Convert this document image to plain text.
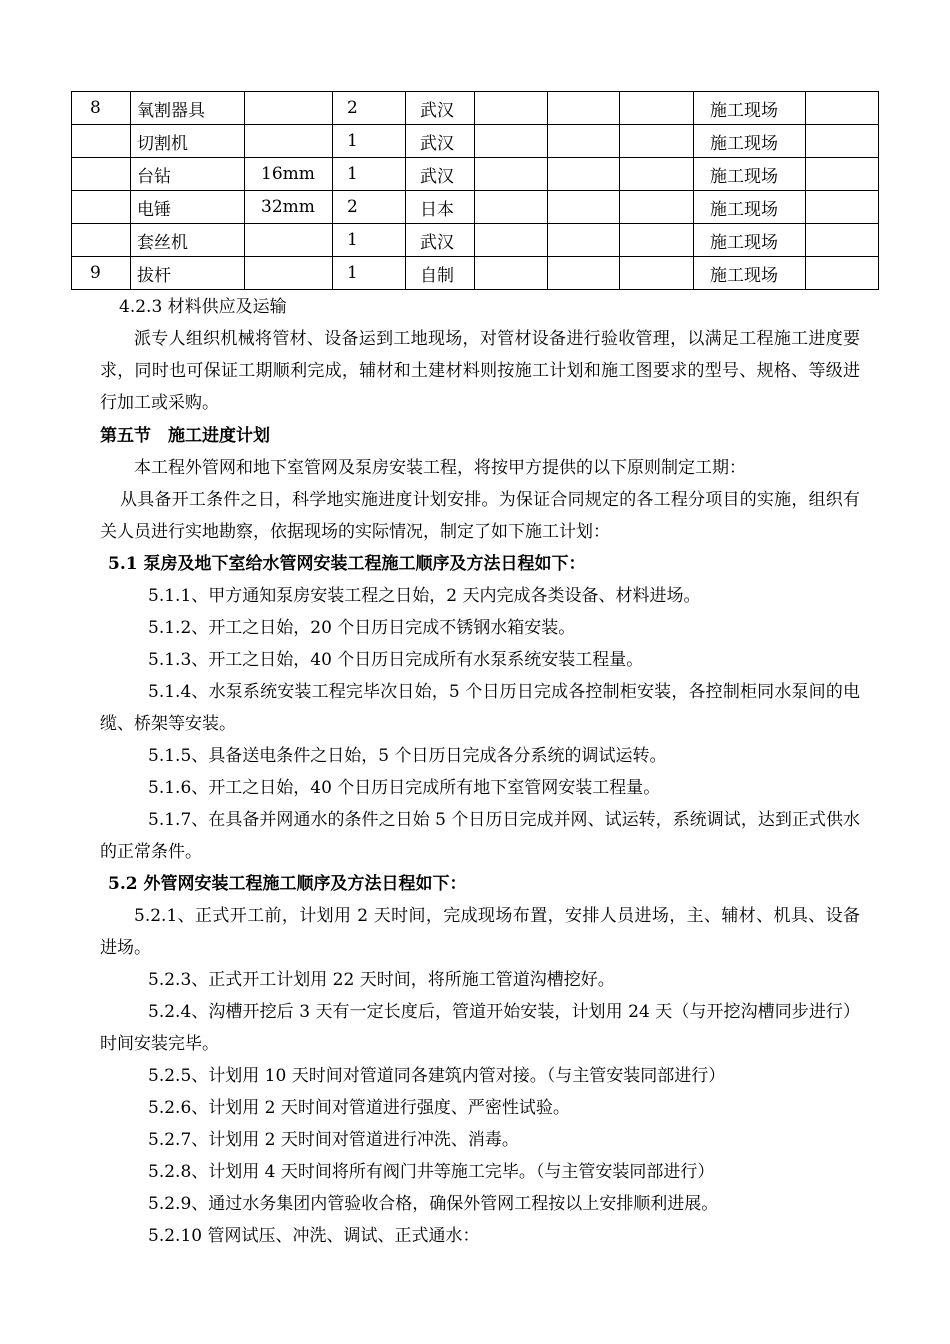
8	氧割器具		2	武汉				施工现场	
	切割机		1	武汉				施工现场	
	台钻	16mm	1	武汉				施工现场	
	电锤	32mm	2	日本				施工现场	
	套丝机		1	武汉				施工现场	
9	拔杆		1	自制				施工现场	

4.2.3 材料供应及运输

派专人组织机械将管材、设备运到工地现场，对管材设备进行验收管理，以满足工程施工进度要求，同时也可保证工期顺利完成，辅材和土建材料则按施工计划和施工图要求的型号、规格、等级进行加工或采购。

第五节　施工进度计划

本工程外管网和地下室管网及泵房安装工程，将按甲方提供的以下原则制定工期：

从具备开工条件之日，科学地实施进度计划安排。为保证合同规定的各工程分项目的实施，组织有关人员进行实地勘察，依据现场的实际情况，制定了如下施工计划：

5.1 泵房及地下室给水管网安装工程施工顺序及方法日程如下：

5.1.1、甲方通知泵房安装工程之日始，2 天内完成各类设备、材料进场。

5.1.2、开工之日始，20 个日历日完成不锈钢水箱安装。

5.1.3、开工之日始，40 个日历日完成所有水泵系统安装工程量。

5.1.4、水泵系统安装工程完毕次日始，5 个日历日完成各控制柜安装，各控制柜同水泵间的电缆、桥架等安装。

5.1.5、具备送电条件之日始，5 个日历日完成各分系统的调试运转。

5.1.6、开工之日始，40 个日历日完成所有地下室管网安装工程量。

5.1.7、在具备并网通水的条件之日始 5 个日历日完成并网、试运转，系统调试，达到正式供水的正常条件。

5.2 外管网安装工程施工顺序及方法日程如下：

5.2.1、正式开工前，计划用 2 天时间，完成现场布置，安排人员进场，主、辅材、机具、设备进场。

5.2.3、正式开工计划用 22 天时间，将所施工管道沟槽挖好。

5.2.4、沟槽开挖后 3 天有一定长度后，管道开始安装，计划用 24 天（与开挖沟槽同步进行）时间安装完毕。

5.2.5、计划用 10 天时间对管道同各建筑内管对接。（与主管安装同部进行）

5.2.6、计划用 2 天时间对管道进行强度、严密性试验。

5.2.7、计划用 2 天时间对管道进行冲洗、消毒。

5.2.8、计划用 4 天时间将所有阀门井等施工完毕。（与主管安装同部进行）

5.2.9、通过水务集团内管验收合格，确保外管网工程按以上安排顺利进展。

5.2.10 管网试压、冲洗、调试、正式通水：
